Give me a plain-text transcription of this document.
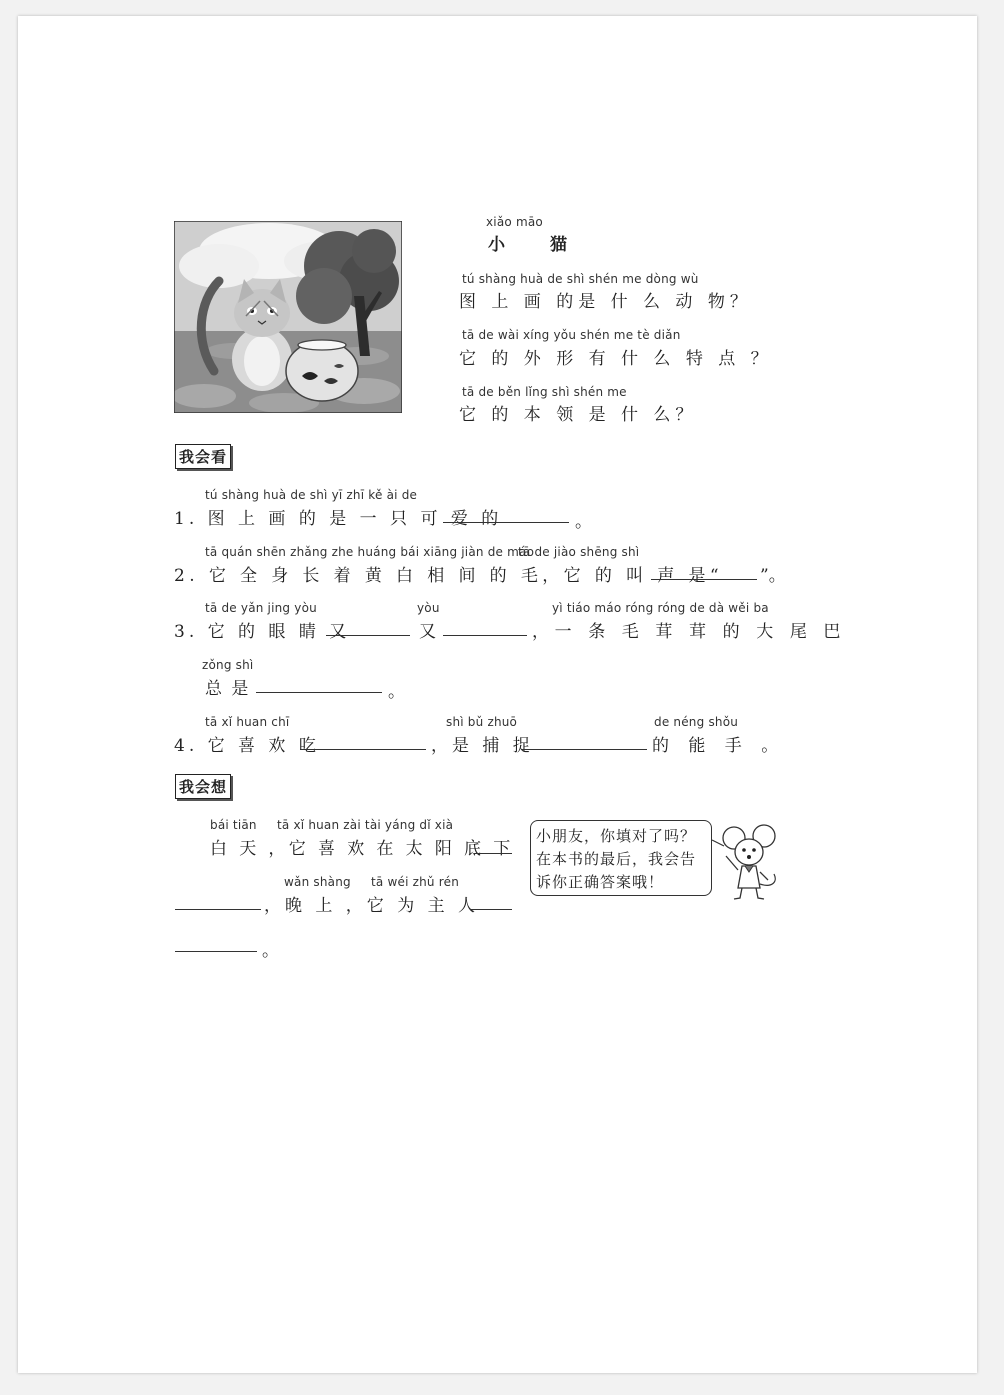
xiǎo māo
小　猫
tú shàng huà de shì shén me dòng wù
图 上 画 的是 什 么 动 物？
tā de wài xíng yǒu shén me tè diǎn
它 的 外 形 有 什 么 特 点 ？
tā de běn lǐng shì shén me
它 的 本 领 是 什 么？
我会看
tú shàng huà de shì yī zhī kě ài de
1. 图 上 画 的 是 一 只 可 爱 的	。
tā quán shēn zhǎng zhe huáng bái xiāng jiàn de máo
tā de jiào shēng shì
2. 它 全 身 长 着 黄 白 相 间 的 毛，它 的 叫 声 是“ ”。
tā de yǎn jing yòu	yòu	yì tiáo máo róng róng de dà wěi ba
3. 它 的 眼 睛 又	又	，一 条 毛 茸 茸 的 大 尾 巴
zǒng shì
总 是	。
tā xǐ huan chī	shì bǔ zhuō	de néng shǒu
4. 它 喜 欢 吃	，是 捕 捉	的 能 手 。
我会想
bái tiān tā xǐ huan zài tài yáng dǐ xià
白 天 ，它 喜 欢 在 太 阳 底 下
wǎn shàng tā wéi zhǔ rén
，晚 上 ，它 为 主 人
。
小朋友，你填对了吗？
在本书的最后，我会告
诉你正确答案哦！
